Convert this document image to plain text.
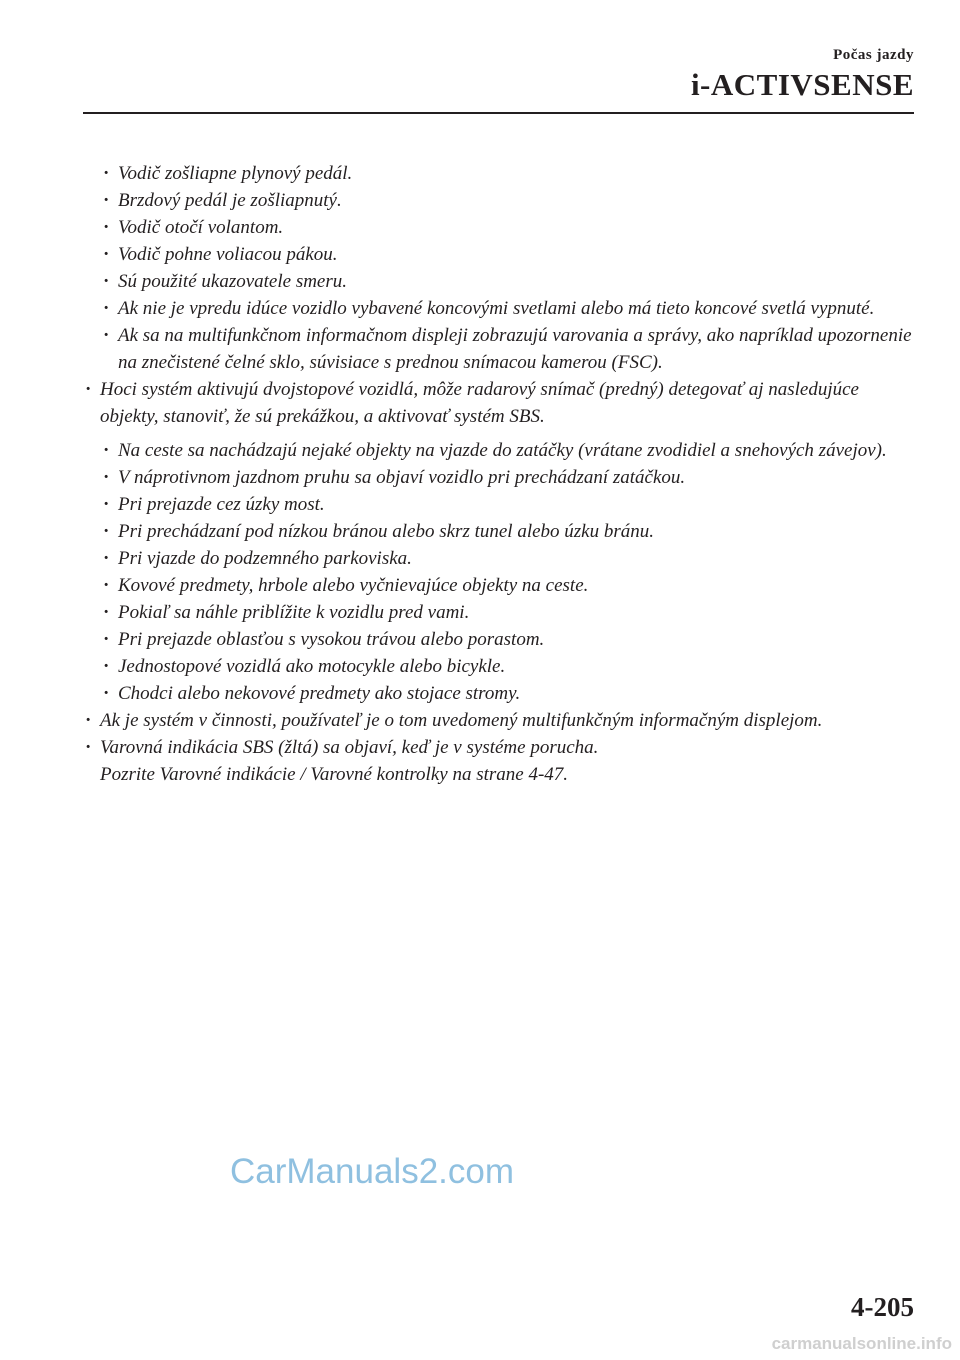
Počas jazdy
i-ACTIVSENSE
· Vodič zošliapne plynový pedál.
· Brzdový pedál je zošliapnutý.
· Vodič otočí volantom.
· Vodič pohne voliacou pákou.
· Sú použité ukazovatele smeru.
· Ak nie je vpredu idúce vozidlo vybavené koncovými svetlami alebo má tieto koncové svetlá vypnuté.
· Ak sa na multifunkčnom informačnom displeji zobrazujú varovania a správy, ako napríklad upozornenie na znečistené čelné sklo, súvisiace s prednou snímacou kamerou (FSC).
· Hoci systém aktivujú dvojstopové vozidlá, môže radarový snímač (predný) detegovať aj nasledujúce objekty, stanoviť, že sú prekážkou, a aktivovať systém SBS.
· Na ceste sa nachádzajú nejaké objekty na vjazde do zatáčky (vrátane zvodidiel a snehových závejov).
· V náprotivnom jazdnom pruhu sa objaví vozidlo pri prechádzaní zatáčkou.
· Pri prejazde cez úzky most.
· Pri prechádzaní pod nízkou bránou alebo skrz tunel alebo úzku bránu.
· Pri vjazde do podzemného parkoviska.
· Kovové predmety, hrbole alebo vyčnievajúce objekty na ceste.
· Pokiaľ sa náhle priblížite k vozidlu pred vami.
· Pri prejazde oblasťou s vysokou trávou alebo porastom.
· Jednostopové vozidlá ako motocykle alebo bicykle.
· Chodci alebo nekovové predmety ako stojace stromy.
· Ak je systém v činnosti, používateľ je o tom uvedomený multifunkčným informačným displejom.
· Varovná indikácia SBS (žltá) sa objaví, keď je v systéme porucha.
Pozrite Varovné indikácie / Varovné kontrolky na strane 4-47.
CarManuals2.com
4-205
carmanualsonline.info
